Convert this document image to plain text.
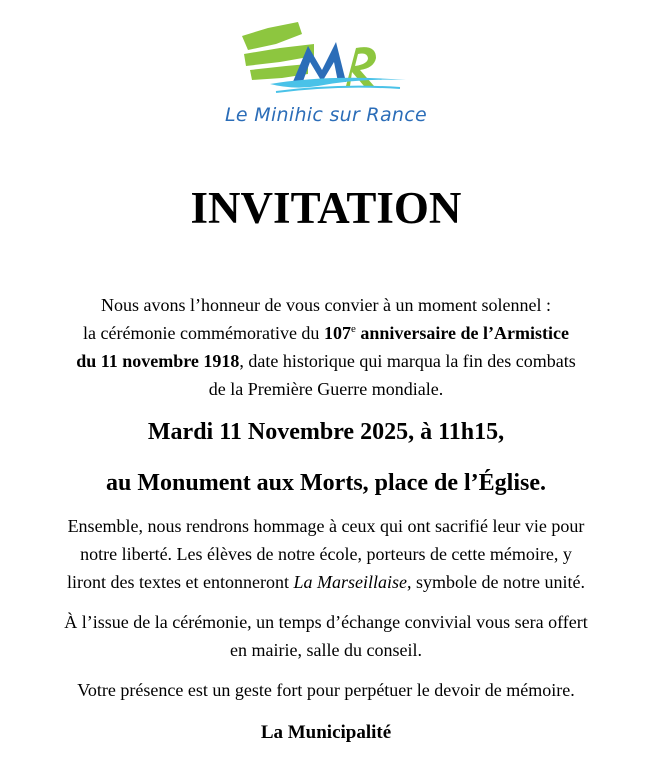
Le Minihic sur Rance
INVITATION

Nous avons l’honneur de vous convier à un moment solennel :
la cérémonie commémorative du 107e anniversaire de l’Armistice
du 11 novembre 1918, date historique qui marqua la fin des combats
de la Première Guerre mondiale.

Mardi 11 Novembre 2025, à 11h15,

au Monument aux Morts, place de l’Église.

Ensemble, nous rendrons hommage à ceux qui ont sacrifié leur vie pour
notre liberté. Les élèves de notre école, porteurs de cette mémoire, y
liront des textes et entonneront La Marseillaise, symbole de notre unité.

À l’issue de la cérémonie, un temps d’échange convivial vous sera offert
en mairie, salle du conseil.

Votre présence est un geste fort pour perpétuer le devoir de mémoire.

La Municipalité
